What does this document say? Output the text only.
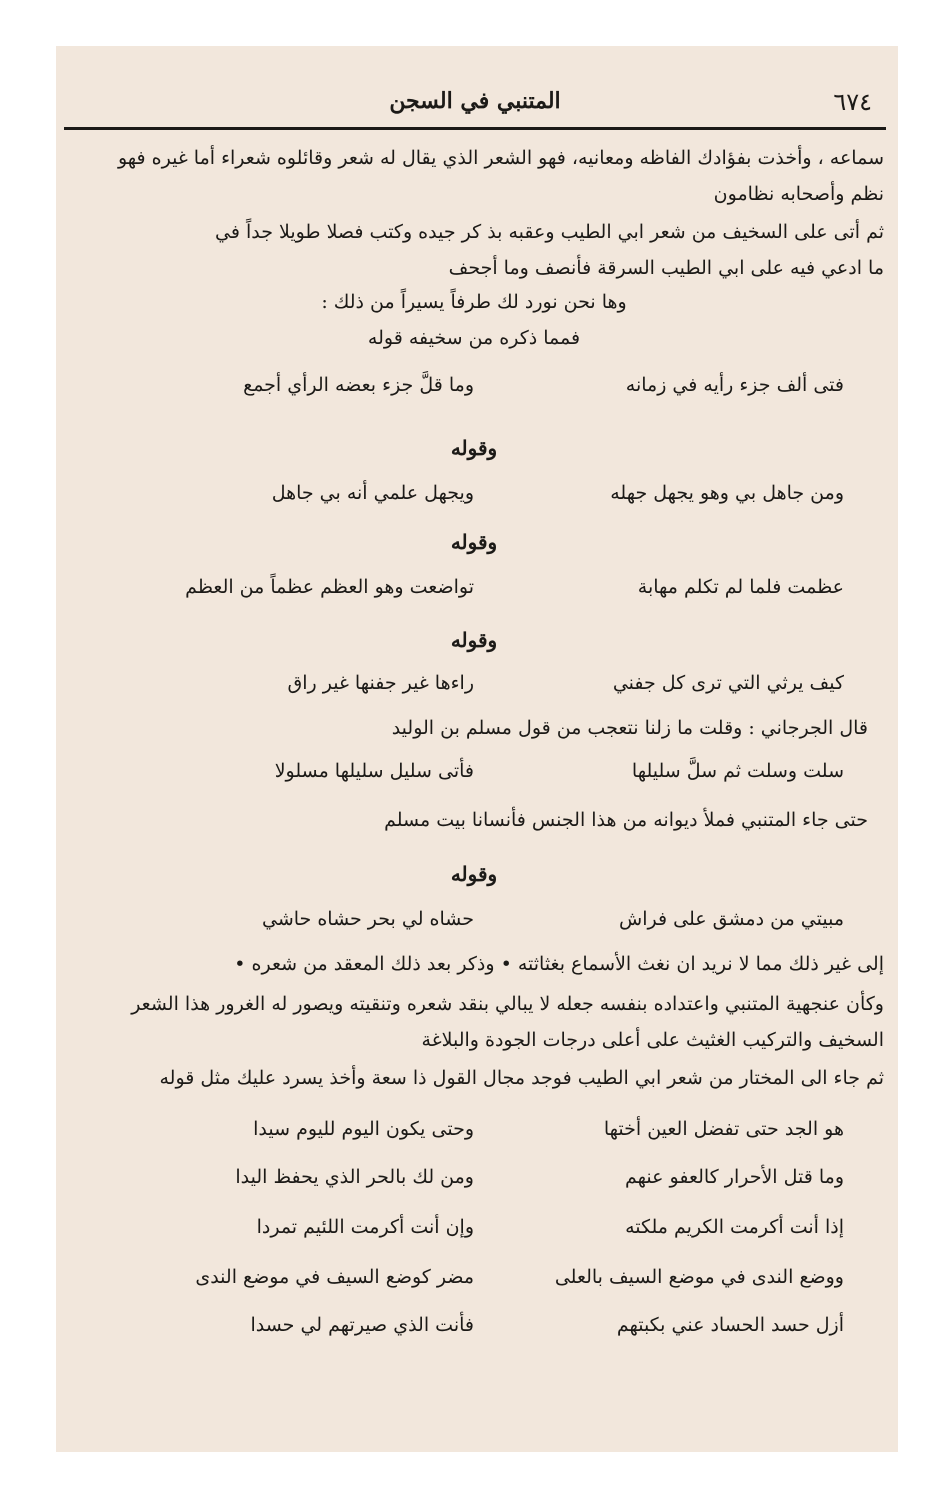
٦٧٤
المتنبي في السجن
سماعه ، وأخذت بفؤادك الفاظه ومعانيه، فهو الشعر الذي يقال له شعر وقائلوه شعراء أما غيره فهو
نظم وأصحابه نظامون
ثم أتى على السخيف من شعر ابي الطيب وعقبه بذ كر جيده وكتب فصلا طويلا جداً في
ما ادعي فيه على ابي الطيب السرقة فأنصف وما أجحف
وها نحن نورد لك طرفاً يسيراً من ذلك :
فمما ذكره من سخيفه قوله
فتى ألف جزء رأيه في زمانه
وما قلَّ جزء بعضه الرأي أجمع
وقوله
ومن جاهل بي وهو يجهل جهله
ويجهل علمي أنه بي جاهل
وقوله
عظمت فلما لم تكلم مهابة
تواضعت وهو العظم عظماً من العظم
وقوله
كيف يرثي التي ترى كل جفني
راءها غير جفنها غير راق
قال الجرجاني : وقلت ما زلنا نتعجب من قول مسلم بن الوليد
سلت وسلت ثم سلَّ سليلها
فأتى سليل سليلها مسلولا
حتى جاء المتنبي فملأ ديوانه من هذا الجنس فأنسانا بيت مسلم
وقوله
مبيتي من دمشق على فراش
حشاه لي بحر حشاه حاشي
إلى غير ذلك مما لا نريد ان نغث الأسماع بغثاثته • وذكر بعد ذلك المعقد من شعره •
وكأن عنجهية المتنبي واعتداده بنفسه جعله لا يبالي بنقد شعره وتنقيته ويصور له الغرور هذا الشعر
السخيف والتركيب الغثيث على أعلى درجات الجودة والبلاغة
ثم جاء الى المختار من شعر ابي الطيب فوجد مجال القول ذا سعة وأخذ يسرد عليك مثل قوله
هو الجد حتى تفضل العين أختها
وحتى يكون اليوم لليوم سيدا
وما قتل الأحرار كالعفو عنهم
ومن لك بالحر الذي يحفظ اليدا
إذا أنت أكرمت الكريم ملكته
وإن أنت أكرمت اللئيم تمردا
ووضع الندى في موضع السيف بالعلى
مضر كوضع السيف في موضع الندى
أزل حسد الحساد عني بكبتهم
فأنت الذي صيرتهم لي حسدا
